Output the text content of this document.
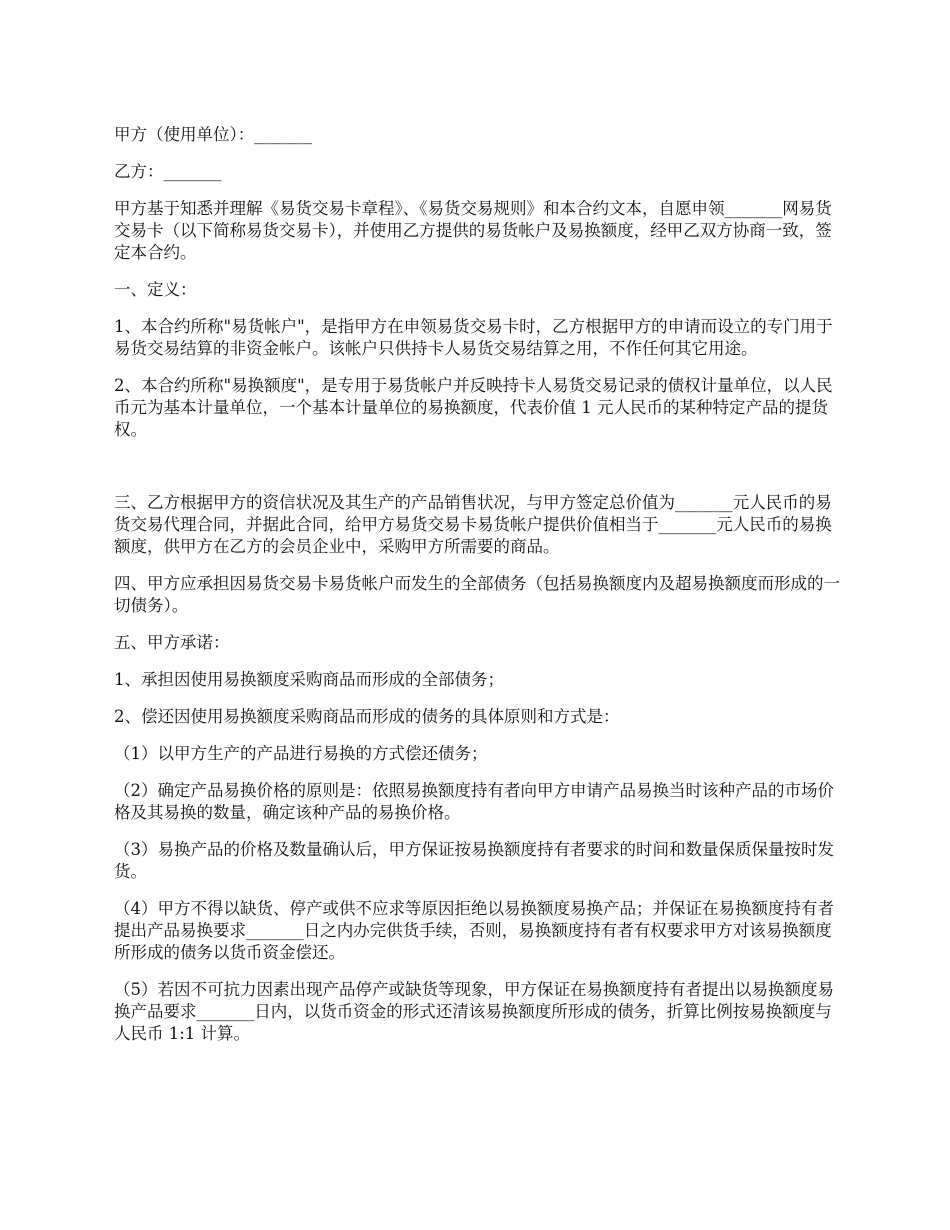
甲方（使用单位）：_______

乙方：_______

甲方基于知悉并理解《易货交易卡章程》、《易货交易规则》和本合约文本，自愿申领_______网易货交易卡（以下简称易货交易卡），并使用乙方提供的易货帐户及易换额度，经甲乙双方协商一致，签定本合约。

一、定义：

1、本合约所称"易货帐户"，是指甲方在申领易货交易卡时，乙方根据甲方的申请而设立的专门用于易货交易结算的非资金帐户。该帐户只供持卡人易货交易结算之用，不作任何其它用途。

2、本合约所称"易换额度"，是专用于易货帐户并反映持卡人易货交易记录的债权计量单位，以人民币元为基本计量单位，一个基本计量单位的易换额度，代表价值 1 元人民币的某种特定产品的提货权。

三、乙方根据甲方的资信状况及其生产的产品销售状况，与甲方签定总价值为_______元人民币的易货交易代理合同，并据此合同，给甲方易货交易卡易货帐户提供价值相当于_______元人民币的易换额度，供甲方在乙方的会员企业中，采购甲方所需要的商品。

四、甲方应承担因易货交易卡易货帐户而发生的全部债务（包括易换额度内及超易换额度而形成的一切债务）。

五、甲方承诺：

1、承担因使用易换额度采购商品而形成的全部债务；

2、偿还因使用易换额度采购商品而形成的债务的具体原则和方式是：

（1）以甲方生产的产品进行易换的方式偿还债务；

（2）确定产品易换价格的原则是：依照易换额度持有者向甲方申请产品易换当时该种产品的市场价格及其易换的数量，确定该种产品的易换价格。

（3）易换产品的价格及数量确认后，甲方保证按易换额度持有者要求的时间和数量保质保量按时发货。

（4）甲方不得以缺货、停产或供不应求等原因拒绝以易换额度易换产品；并保证在易换额度持有者提出产品易换要求_______日之内办完供货手续，否则，易换额度持有者有权要求甲方对该易换额度所形成的债务以货币资金偿还。

（5）若因不可抗力因素出现产品停产或缺货等现象，甲方保证在易换额度持有者提出以易换额度易换产品要求_______日内，以货币资金的形式还清该易换额度所形成的债务，折算比例按易换额度与人民币 1:1 计算。
